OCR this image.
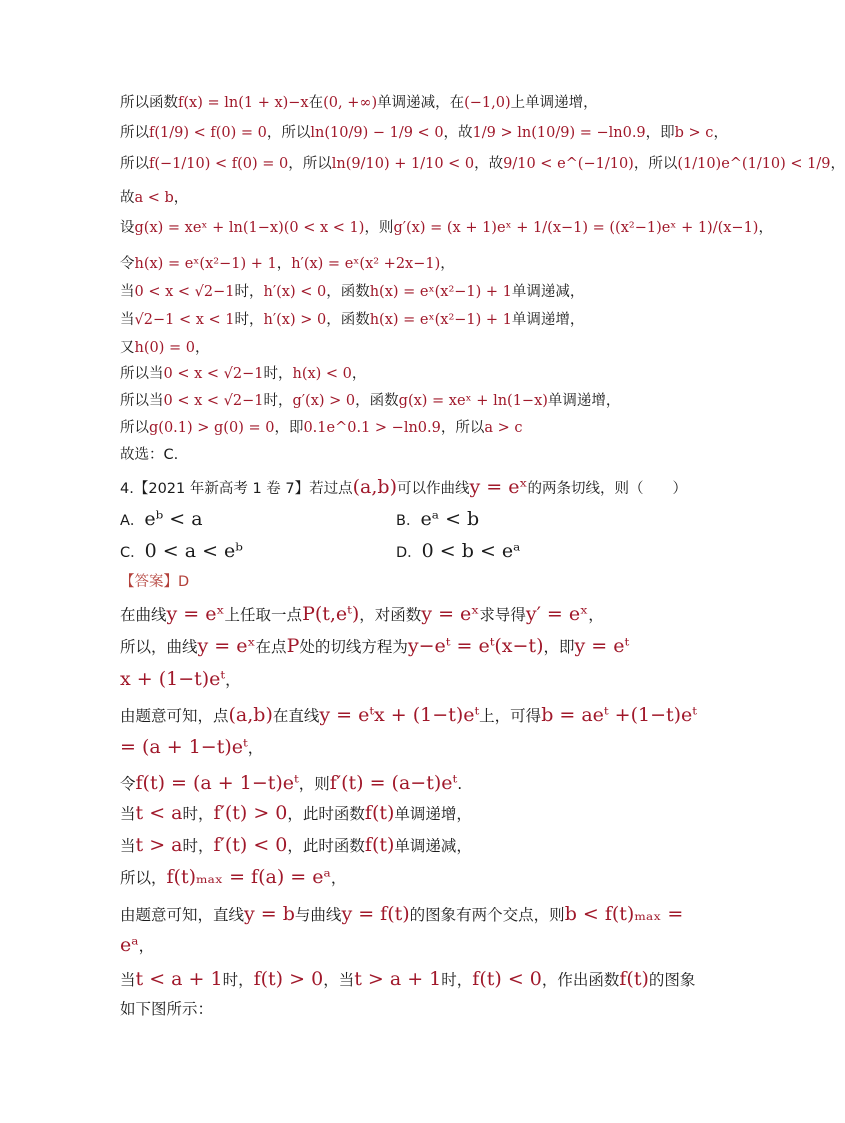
所以函数f(x) = ln(1 + x)−x在(0, +∞)单调递减，在(−1,0)上单调递增，
所以f(1/9) < f(0) = 0，所以ln(10/9) − 1/9 < 0，故1/9 > ln(10/9) = −ln0.9，即b > c，
所以f(−1/10) < f(0) = 0，所以ln(9/10) + 1/10 < 0，故9/10 < e^(−1/10)，所以(1/10)e^(1/10) < 1/9，
故a < b，
设g(x) = xeˣ + ln(1−x)(0 < x < 1)，则g′(x) = (x + 1)eˣ + 1/(x−1) = ((x²−1)eˣ + 1)/(x−1)，
令h(x) = eˣ(x²−1) + 1，h′(x) = eˣ(x² +2x−1)，
当0 < x < √2−1时，h′(x) < 0，函数h(x) = eˣ(x²−1) + 1单调递减，
当√2−1 < x < 1时，h′(x) > 0，函数h(x) = eˣ(x²−1) + 1单调递增，
又h(0) = 0，
所以当0 < x < √2−1时，h(x) < 0，
所以当0 < x < √2−1时，g′(x) > 0，函数g(x) = xeˣ + ln(1−x)单调递增，
所以g(0.1) > g(0) = 0，即0.1e^0.1 > −ln0.9，所以a > c
故选：C.
4.【2021 年新高考 1 卷 7】若过点(a,b)可以作曲线y = eˣ的两条切线，则（　　）
A．eᵇ < a	B．eᵃ < b
C．0 < a < eᵇ	D．0 < b < eᵃ
【答案】D
在曲线y = eˣ上任取一点P(t,eᵗ)，对函数y = eˣ求导得y′ = eˣ，
所以，曲线y = eˣ在点P处的切线方程为y−eᵗ = eᵗ(x−t)，即y = eᵗ
x + (1−t)eᵗ，
由题意可知，点(a,b)在直线y = eᵗx + (1−t)eᵗ上，可得b = aeᵗ +(1−t)eᵗ
= (a + 1−t)eᵗ，
令f(t) = (a + 1−t)eᵗ，则f′(t) = (a−t)eᵗ.
当t < a时，f′(t) > 0，此时函数f(t)单调递增，
当t > a时，f′(t) < 0，此时函数f(t)单调递减，
所以，f(t)ₘₐₓ = f(a) = eᵃ，
由题意可知，直线y = b与曲线y = f(t)的图象有两个交点，则b < f(t)ₘₐₓ =
eᵃ，
当t < a + 1时，f(t) > 0，当t > a + 1时，f(t) < 0，作出函数f(t)的图象
如下图所示：
